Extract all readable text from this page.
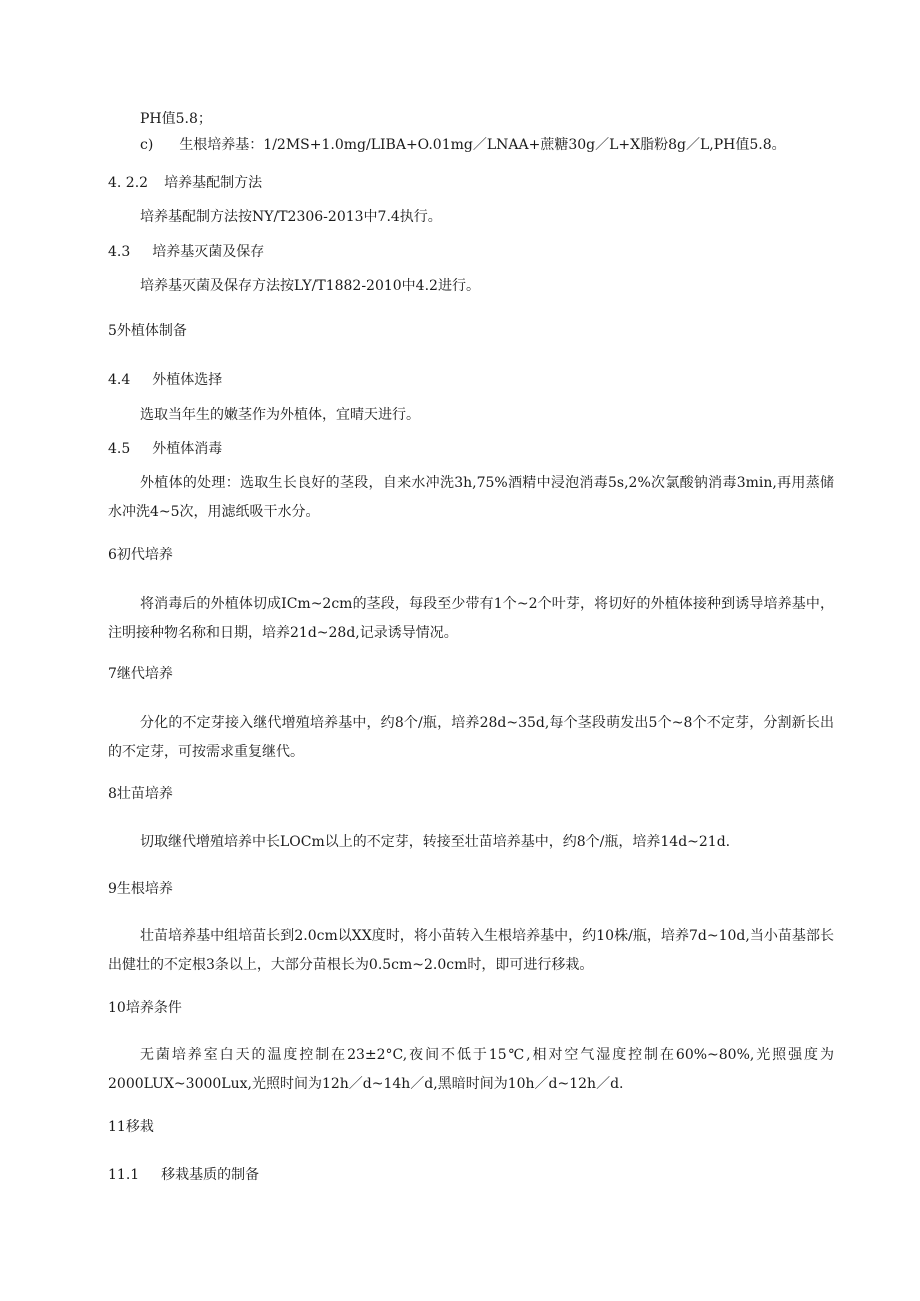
PH值5.8；

c) 生根培养基：1/2MS+1.0mg/LIBA+O.01mg／LNAA+蔗糖30g／L+X脂粉8g／L,PH值5.8。

4. 2.2 培养基配制方法

培养基配制方法按NY/T2306-2013中7.4执行。

4.3 培养基灭菌及保存

培养基灭菌及保存方法按LY/T1882-2010中4.2进行。

5外植体制备

4.4 外植体选择

选取当年生的嫩茎作为外植体，宜晴天进行。

4.5 外植体消毒

外植体的处理：选取生长良好的茎段，自来水冲洗3h,75%酒精中浸泡消毒5s,2%次氯酸钠消毒3min,再用蒸储水冲洗4~5次，用滤纸吸干水分。

6初代培养

将消毒后的外植体切成ICm~2cm的茎段，每段至少带有1个~2个叶芽，将切好的外植体接种到诱导培养基中，注明接种物名称和日期，培养21d~28d,记录诱导情况。

7继代培养

分化的不定芽接入继代增殖培养基中，约8个/瓶，培养28d~35d,每个茎段萌发出5个~8个不定芽，分割新长出的不定芽，可按需求重复继代。

8壮苗培养

切取继代增殖培养中长LOCm以上的不定芽，转接至壮苗培养基中，约8个/瓶，培养14d~21d.

9生根培养

壮苗培养基中组培苗长到2.0cm以XX度时，将小苗转入生根培养基中，约10株/瓶，培养7d~10d,当小苗基部长出健壮的不定根3条以上，大部分苗根长为0.5cm~2.0cm时，即可进行移栽。

10培养条件

无菌培养室白天的温度控制在23±2°C,夜间不低于15℃,相对空气湿度控制在60%~80%,光照强度为2000LUX~3000Lux,光照时间为12h／d~14h／d,黑暗时间为10h／d~12h／d.

11移栽

11.1 移栽基质的制备
